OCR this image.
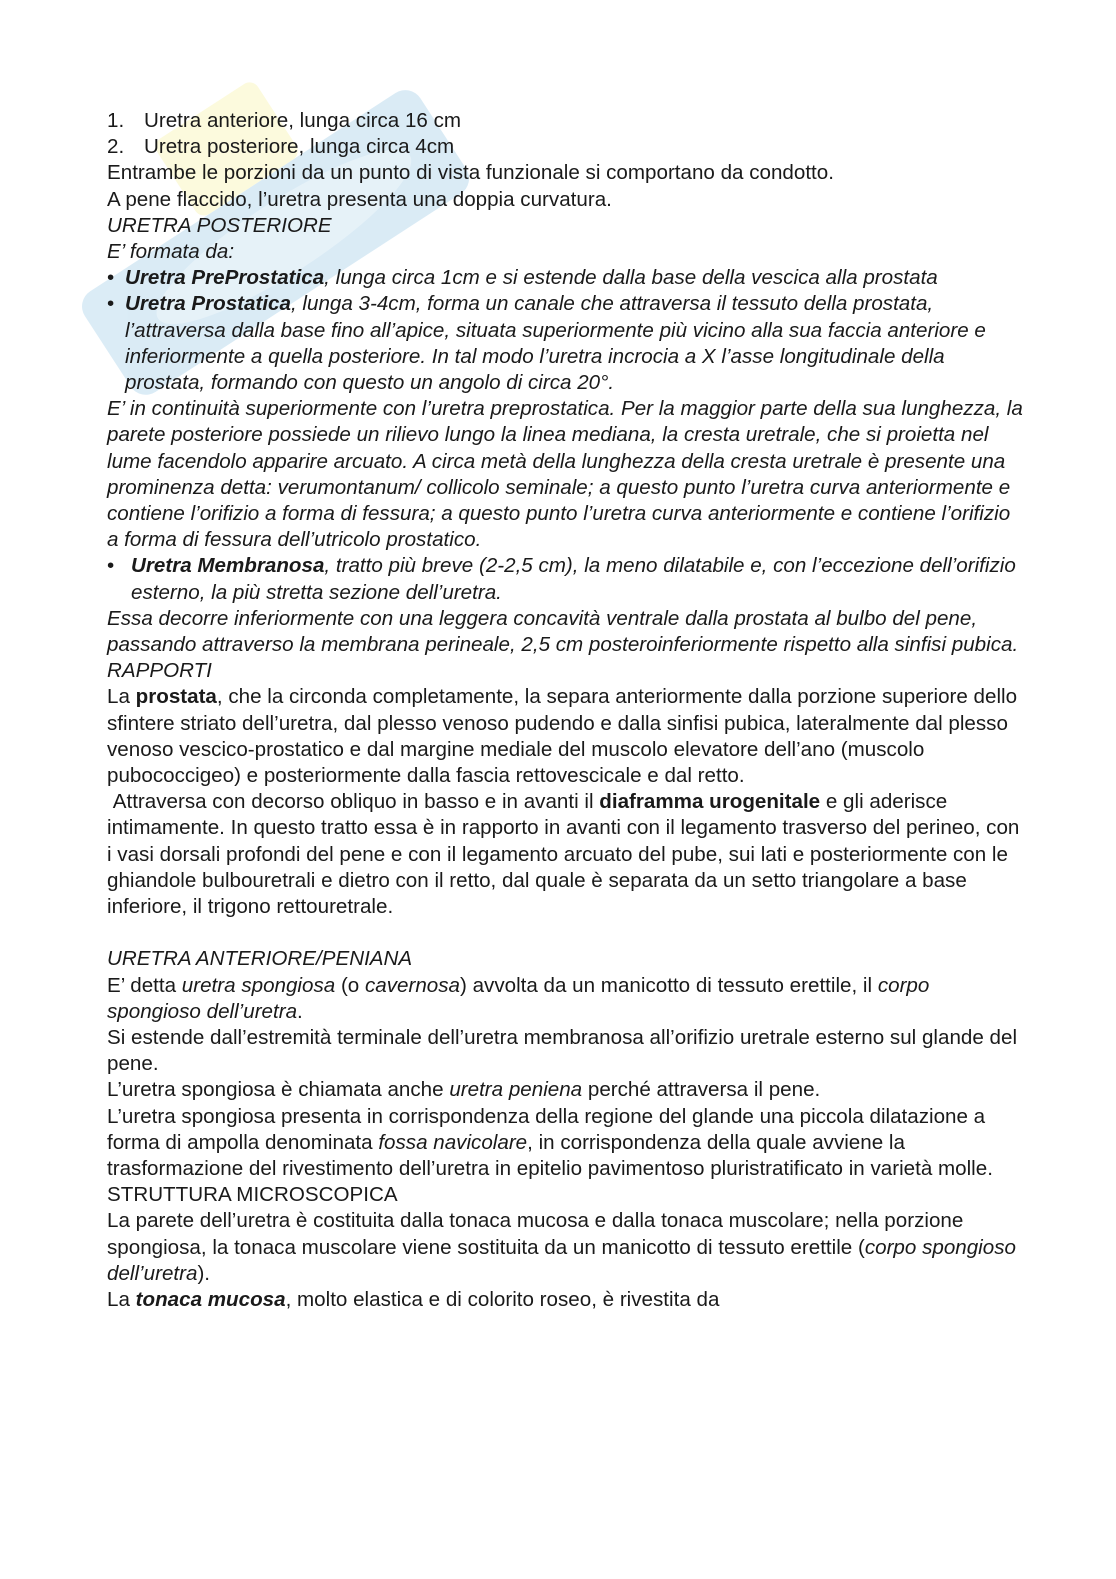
1. Uretra anteriore, lunga circa 16 cm
2. Uretra posteriore, lunga circa 4cm

Entrambe le porzioni da un punto di vista funzionale si comportano da condotto.

A pene flaccido, l’uretra presenta una doppia curvatura.

URETRA POSTERIORE

E’ formata da:

• Uretra PreProstatica, lunga circa 1cm e si estende dalla base della vescica alla prostata
• Uretra Prostatica, lunga 3-4cm, forma un canale che attraversa il tessuto della prostata, l’attraversa dalla base fino all’apice, situata superiormente più vicino alla sua faccia anteriore e inferiormente a quella posteriore. In tal modo l’uretra incrocia a X l’asse longitudinale della prostata, formando con questo un angolo di circa 20°.

E’ in continuità superiormente con l’uretra preprostatica. Per la maggior parte della sua lunghezza, la parete posteriore possiede un rilievo lungo la linea mediana, la cresta uretrale, che si proietta nel lume facendolo apparire arcuato. A circa metà della lunghezza della cresta uretrale è presente una prominenza detta: verumontanum/ collicolo seminale; a questo punto l’uretra curva anteriormente e contiene l’orifizio a forma di fessura; a questo punto l’uretra curva anteriormente e contiene l’orifizio a forma di fessura dell’utricolo prostatico.

• Uretra Membranosa, tratto più breve (2-2,5 cm), la meno dilatabile e, con l’eccezione dell’orifizio esterno, la più stretta sezione dell’uretra.

Essa decorre inferiormente con una leggera concavità ventrale dalla prostata al bulbo del pene, passando attraverso la membrana perineale, 2,5 cm posteroinferiormente rispetto alla sinfisi pubica.

RAPPORTI

La prostata, che la circonda completamente, la separa anteriormente dalla porzione superiore dello sfintere striato dell’uretra, dal plesso venoso pudendo e dalla sinfisi pubica, lateralmente dal plesso venoso vescico-prostatico e dal margine mediale del muscolo elevatore dell’ano (muscolo pubococcigeo) e posteriormente dalla fascia rettovescicale e dal retto.

Attraversa con decorso obliquo in basso e in avanti il diaframma urogenitale e gli aderisce intimamente. In questo tratto essa è in rapporto in avanti con il legamento trasverso del perineo, con i vasi dorsali profondi del pene e con il legamento arcuato del pube, sui lati e posteriormente con le ghiandole bulbouretrali e dietro con il retto, dal quale è separata da un setto triangolare a base inferiore, il trigono rettouretrale.

URETRA ANTERIORE/PENIANA

E’ detta uretra spongiosa (o cavernosa) avvolta da un manicotto di tessuto erettile, il corpo spongioso dell’uretra.

Si estende dall’estremità terminale dell’uretra membranosa all’orifizio uretrale esterno sul glande del pene.

L’uretra spongiosa è chiamata anche uretra peniena perché attraversa il pene.

L’uretra spongiosa presenta in corrispondenza della regione del glande una piccola dilatazione a forma di ampolla denominata fossa navicolare, in corrispondenza della quale avviene la trasformazione del rivestimento dell’uretra in epitelio pavimentoso pluristratificato in varietà molle.

STRUTTURA MICROSCOPICA

La parete dell’uretra è costituita dalla tonaca mucosa e dalla tonaca muscolare; nella porzione spongiosa, la tonaca muscolare viene sostituita da un manicotto di tessuto erettile (corpo spongioso dell’uretra).

La tonaca mucosa, molto elastica e di colorito roseo, è rivestita da
